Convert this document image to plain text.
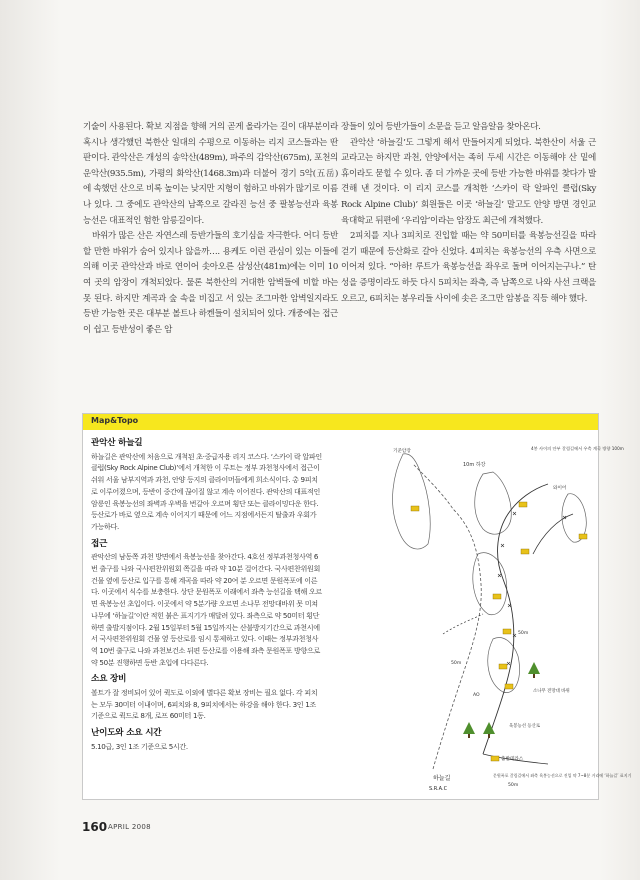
기술이 사용된다. 확보 지점을 향해 거의 곧게 올라가는 길이 대부분이라 혹시나 생각했던 북한산 일대의 수평으로 이동하는 리지 코스들과는 딴판이다. 관악산은 개성의 송악산(489m), 파주의 감악산(675m), 포천의 운악산(935.5m), 가평의 화악산(1468.3m)과 더불어 경기 5악(五岳)에 속했던 산으로 비록 높이는 낮지만 지형이 험하고 바위가 많기로 이름나 있다. 그 중에도 관악산의 남쪽으로 갈라진 능선 중 팔봉능선과 육봉능선은 대표적인 험한 암릉길이다.

바위가 많은 산은 자연스레 등반가들의 호기심을 자극한다. 어디 등반할 만한 바위가 숨어 있지나 않을까…. 용케도 이런 관심이 있는 이들에 의해 이곳 관악산과 바로 연이어 솟아오른 삼성산(481m)에는 이미 10여 곳의 암장이 개척되었다. 물론 북한산의 거대한 암벽들에 비할 바는 못 된다. 하지만 계곡과 숲 속을 비집고 서 있는 조그마한 암벽일지라도 등반 가능한 곳은 대부분 볼트나 하켄들이 설치되어 있다. 개중에는 접근이 쉽고 등반성이 좋은 암

장들이 있어 등반가들이 소문을 듣고 알음알음 찾아온다.

관악산 ‘하늘길’도 그렇게 해서 만들어지게 되었다. 북한산이 서울 근교라고는 하지만 과천, 안양에서는 족히 두세 시간은 이동해야 산 밑에 휴이라도 묻힐 수 있다. 좀 더 가까운 곳에 등반 가능한 바위를 찾다가 발견해 낸 것이다. 이 리지 코스를 개척한 ‘스카이 락 알파인 클럽(Sky Rock Alpine Club)’ 회원들은 이곳 ‘하늘길’ 말고도 안양 방면 경인교육대학교 뒤편에 ‘우리암’이라는 암장도 최근에 개척했다.

2피치를 지나 3피치로 진입할 때는 약 50미터를 육봉능선길을 따라 걷기 때문에 등산화로 갈아 신었다. 4피치는 육봉능선의 우측 사면으로 이어져 있다. “아하! 루트가 육봉능선을 좌우로 돌며 이어지는구나.” 탄성을 증명이라도 하듯 다시 5피치는 좌측, 즉 남쪽으로 나와 사선 크랙을 오르고, 6피치는 봉우리들 사이에 솟은 조그만 암봉을 직등 해야 했다.

Map&Topo
관악산 하늘길

하늘길은 관악산에 처음으로 개척된 초·중급자용 리지 코스다. ‘스카이 락 알파인 클럽(Sky Rock Alpine Club)’에서 개척한 이 루트는 정부 과천청사에서 접근이 쉬워 서울 남부지역과 과천, 안양 등지의 클라이머들에게 희소식이다. 총 9피치로 이루어졌으며, 등반이 중간에 끊이질 않고 계속 이어진다. 관악산의 대표적인 암릉인 육봉능선의 좌벽과 우벽을 번갈아 오르며 횡단 또는 클라이밍다운 한다. 등산로가 바로 옆으로 계속 이어지기 때문에 어느 지점에서든지 탈출과 우회가 가능하다.

접근

관악산의 남동쪽 과천 방면에서 육봉능선을 찾아간다. 4호선 정부과천청사역 6번 출구를 나와 국사편찬위원회 쪽길을 따라 약 10분 걸어간다. 국사편찬위원회 건물 옆에 등산로 입구를 통해 계곡을 따라 약 20여 분 오르면 문원폭포에 이른다. 이곳에서 식수를 보충한다. 상단 문원폭포 이래에서 좌측 능선길을 택해 오르면 육봉능선 초입이다. 이곳에서 약 5분가량 오르면 소나무 전망대바위 못 미쳐 나무에 ‘하늘길’이란 적힌 붉은 표지기가 매달려 있다. 좌측으로 약 50미터 횡단하면 출발지점이다. 2월 15일부터 5월 15일까지는 산불방지기간으로 과천시에서 국사편찬위원회 건물 옆 등산로를 임시 통제하고 있다. 이때는 정부과천청사역 10번 출구로 나와 과천보건소 뒤편 등산로를 이용해 좌측 문원폭포 방향으로 약 50분 진행하면 등반 초입에 다다른다.

소요 장비

볼트가 잘 정비되어 있어 퀵도로 이외에 별다른 확보 장비는 필요 없다. 각 피치는 모두 30미터 이내이며, 6피치와 8, 9피치에서는 하강을 해야 한다. 3인 1조 기준으로 퀵드로 8개, 로프 60미터 1동.

난이도와 소요 시간

5.10급, 3인 1조 기준으로 5시간.

4봉 사이의 안부 갈림길에서 우측 계곡 방향 100m
10m 하강
기준암장
와이어
소나무 전망대 바위
육봉능선 등산로
출발테라스
50m
50m
50m
AO
문원폭포 갈림길에서 좌측 육봉능선으로 진입 약 7~8분 거리에 ‘하늘길’ 표지기
하늘길
S.R.A.C
160 APRIL 2008
